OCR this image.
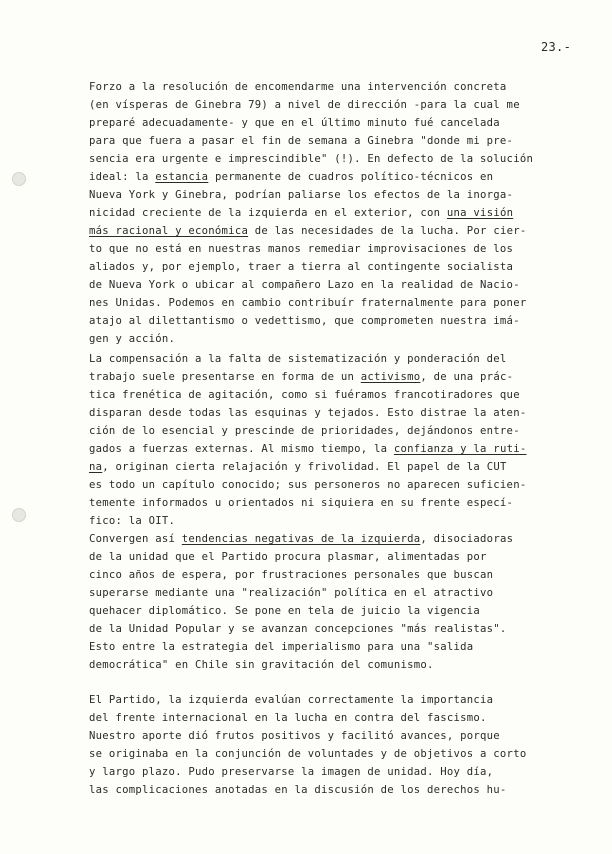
23.-
Forzo a la resolución de encomendarme una intervención concreta
(en vísperas de Ginebra 79) a nivel de dirección -para la cual me
preparé adecuadamente- y que en el último minuto fué cancelada
para que fuera a pasar el fin de semana a Ginebra "donde mi pre-
sencia era urgente e imprescindible" (!). En defecto de la solución
ideal: la estancia permanente de cuadros político-técnicos en
Nueva York y Ginebra, podrían paliarse los efectos de la inorga-
nicidad creciente de la izquierda en el exterior, con una visión
más racional y económica de las necesidades de la lucha. Por cier-
to que no está en nuestras manos remediar improvisaciones de los
aliados y, por ejemplo, traer a tierra al contingente socialista
de Nueva York o ubicar al compañero Lazo en la realidad de Nacio-
nes Unidas. Podemos en cambio contribuír fraternalmente para poner
atajo al dilettantismo o vedettismo, que comprometen nuestra imá-
gen y acción.
La compensación a la falta de sistematización y ponderación del
trabajo suele presentarse en forma de un activismo, de una prác-
tica frenética de agitación, como si fuéramos francotiradores que
disparan desde todas las esquinas y tejados. Esto distrae la aten-
ción de lo esencial y prescinde de prioridades, dejándonos entre-
gados a fuerzas externas. Al mismo tiempo, la confianza y la ruti-
na, originan cierta relajación y frivolidad. El papel de la CUT
es todo un capítulo conocido; sus personeros no aparecen suficien-
temente informados u orientados ni siquiera en su frente especí-
fico: la OIT.
Convergen así tendencias negativas de la izquierda, disociadoras
de la unidad que el Partido procura plasmar, alimentadas por
cinco años de espera, por frustraciones personales que buscan
superarse mediante una "realización" política en el atractivo
quehacer diplomático. Se pone en tela de juicio la vigencia
de la Unidad Popular y se avanzan concepciones "más realistas".
Esto entre la estrategia del imperialismo para una "salida
democrática" en Chile sin gravitación del comunismo.
El Partido, la izquierda evalúan correctamente la importancia
del frente internacional en la lucha en contra del fascismo.
Nuestro aporte dió frutos positivos y facilitó avances, porque
se originaba en la conjunción de voluntades y de objetivos a corto
y largo plazo. Pudo preservarse la imagen de unidad. Hoy día,
las complicaciones anotadas en la discusión de los derechos hu-
